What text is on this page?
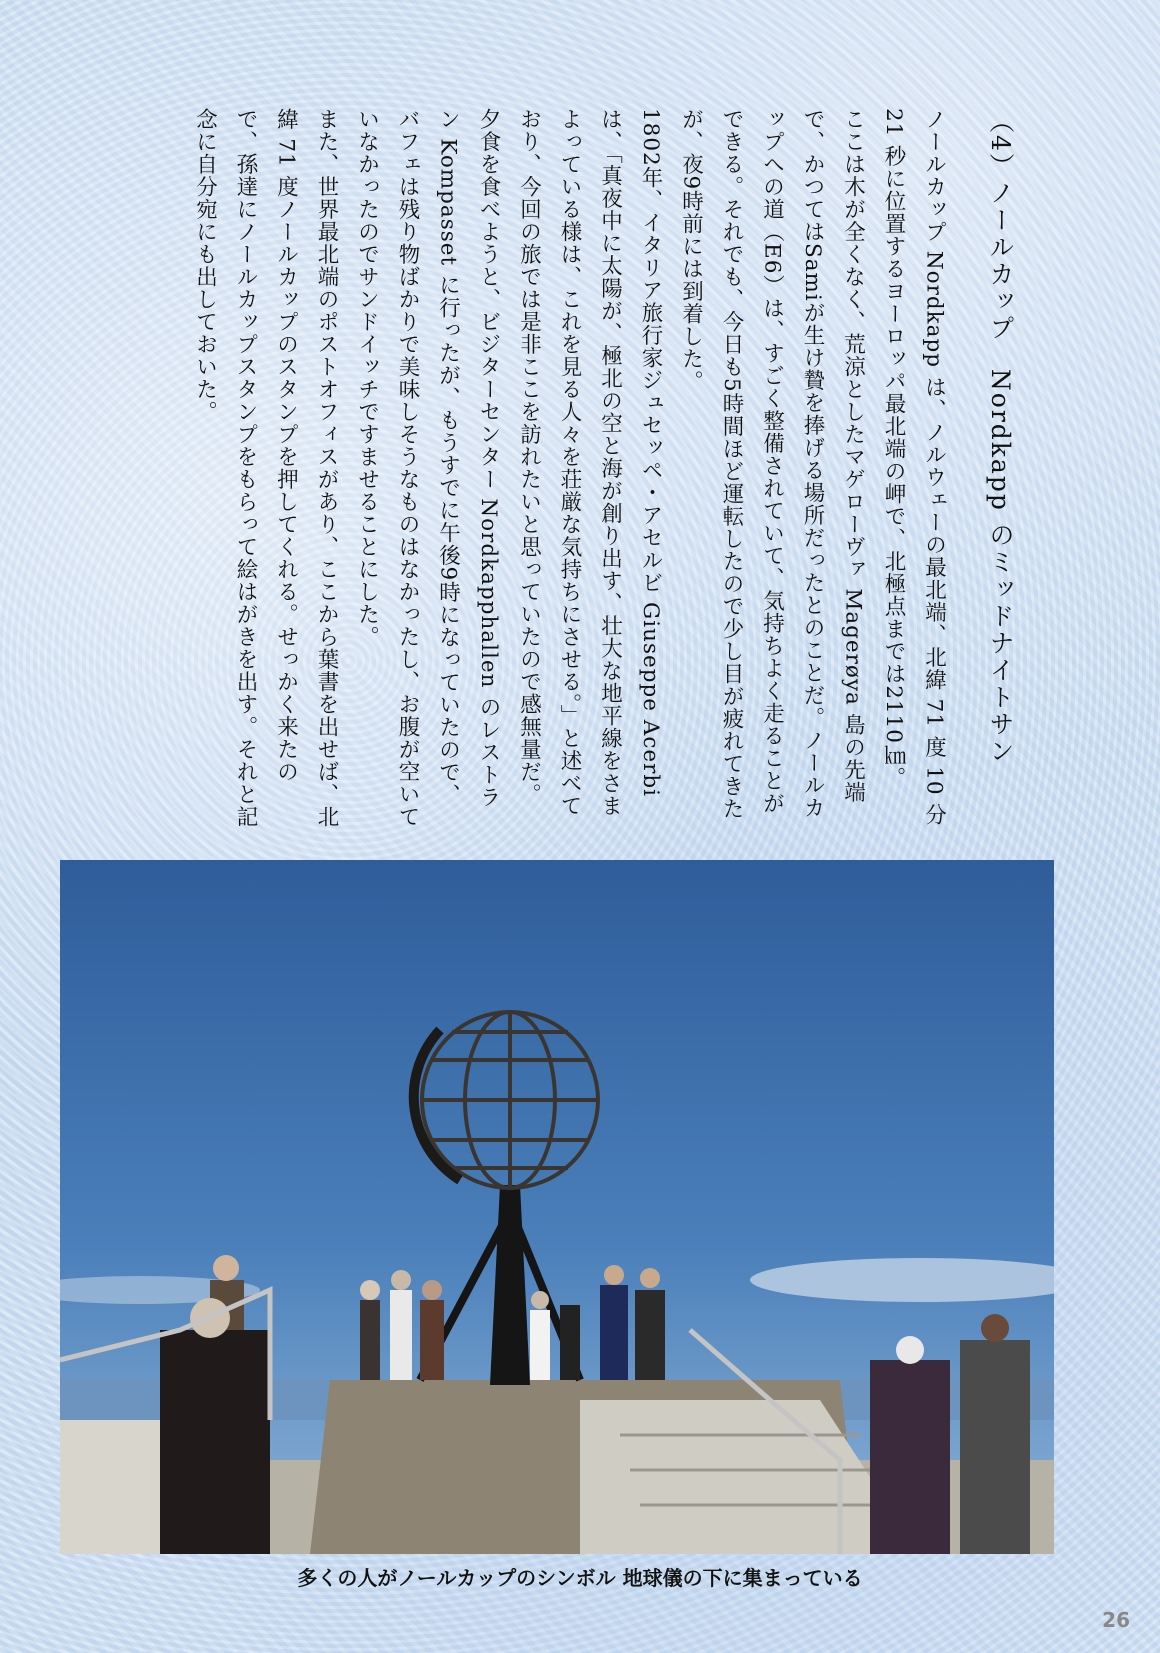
（4）ノールカップ　Nordkapp のミッドナイトサン

ノールカップ Nordkapp は、ノルウェーの最北端、北緯 71 度 10 分 21 秒に位置するヨーロッパ最北端の岬で、北極点までは2110㎞。

ここは木が全くなく、荒涼としたマゲローヴァ Magerøya 島の先端で、かつてはSamiが生け贄を捧げる場所だったとのことだ。ノールカップへの道（E6）は、すごく整備されていて、気持ちよく走ることができる。それでも、今日も5時間ほど運転したので少し目が疲れてきたが、夜9時前には到着した。

1802年、イタリア旅行家ジュセッペ・アセルビ Giuseppe Acerbi は、「真夜中に太陽が、極北の空と海が創り出す、壮大な地平線をさまよっている様は、これを見る人々を荘厳な気持ちにさせる。」と述べており、今回の旅では是非ここを訪れたいと思っていたので感無量だ。

夕食を食べようと、ビジターセンター Nordkapphallen のレストラン Kompasset に行ったが、もうすでに午後9時になっていたので、バフェは残り物ばかりで美味しそうなものはなかったし、お腹が空いていなかったのでサンドイッチですませることにした。

また、世界最北端のポストオフィスがあり、ここから葉書を出せば、北緯 71 度ノールカップのスタンプを押してくれる。せっかく来たので、孫達にノールカップスタンプをもらって絵はがきを出す。それと記念に自分宛にも出しておいた。

多くの人がノールカップのシンボル 地球儀の下に集まっている
26
